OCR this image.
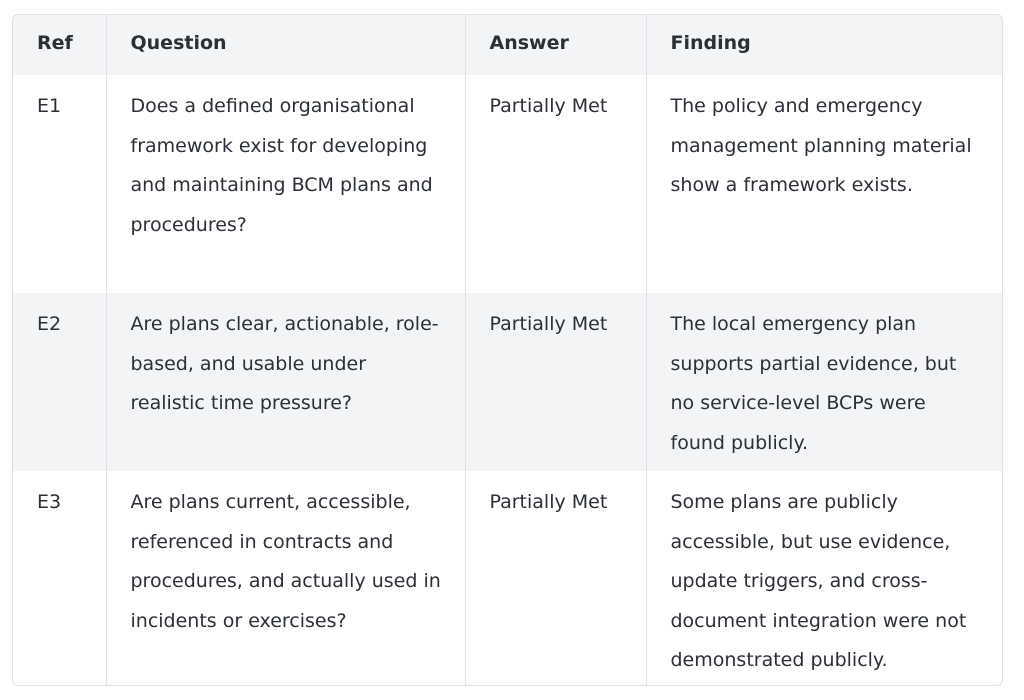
Ref	Question	Answer	Finding
E1	Does a defined organisational framework exist for developing and maintaining BCM plans and procedures?	Partially Met	The policy and emergency management planning material show a framework exists.
E2	Are plans clear, actionable, role-based, and usable under realistic time pressure?	Partially Met	The local emergency plan supports partial evidence, but no service-level BCPs were found publicly.
E3	Are plans current, accessible, referenced in contracts and procedures, and actually used in incidents or exercises?	Partially Met	Some plans are publicly accessible, but use evidence, update triggers, and cross-document integration were not demonstrated publicly.
